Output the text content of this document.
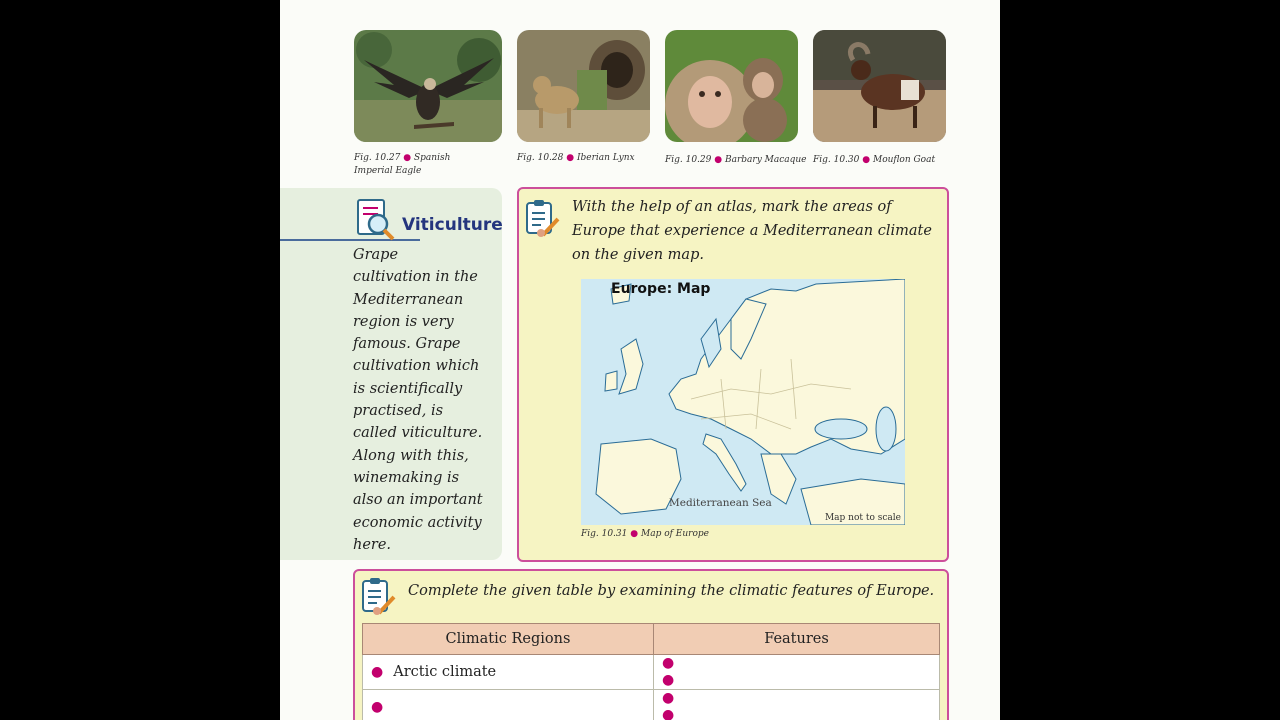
Fig. 10.27 ● Spanish
Imperial Eagle
Fig. 10.28 ● Iberian Lynx	Fig. 10.29 ● Barbary Macaque Fig. 10.30 ● Mouflon Goat
Viticulture
Grape
cultivation in the
Mediterranean
region is very
famous. Grape
cultivation which
is scientifically
practised, is
called viticulture.
Along with this,
winemaking is
also an important
economic activity
here.
With the help of an atlas, mark the areas of
Europe that experience a Mediterranean climate
on the given map.
Europe: Map
Mediterranean Sea
Map not to scale
Fig. 10.31 ● Map of Europe
Complete the given table by examining the climatic features of Europe.
Climatic Regions	Features
● Arctic climate	●
●
●	●
●
